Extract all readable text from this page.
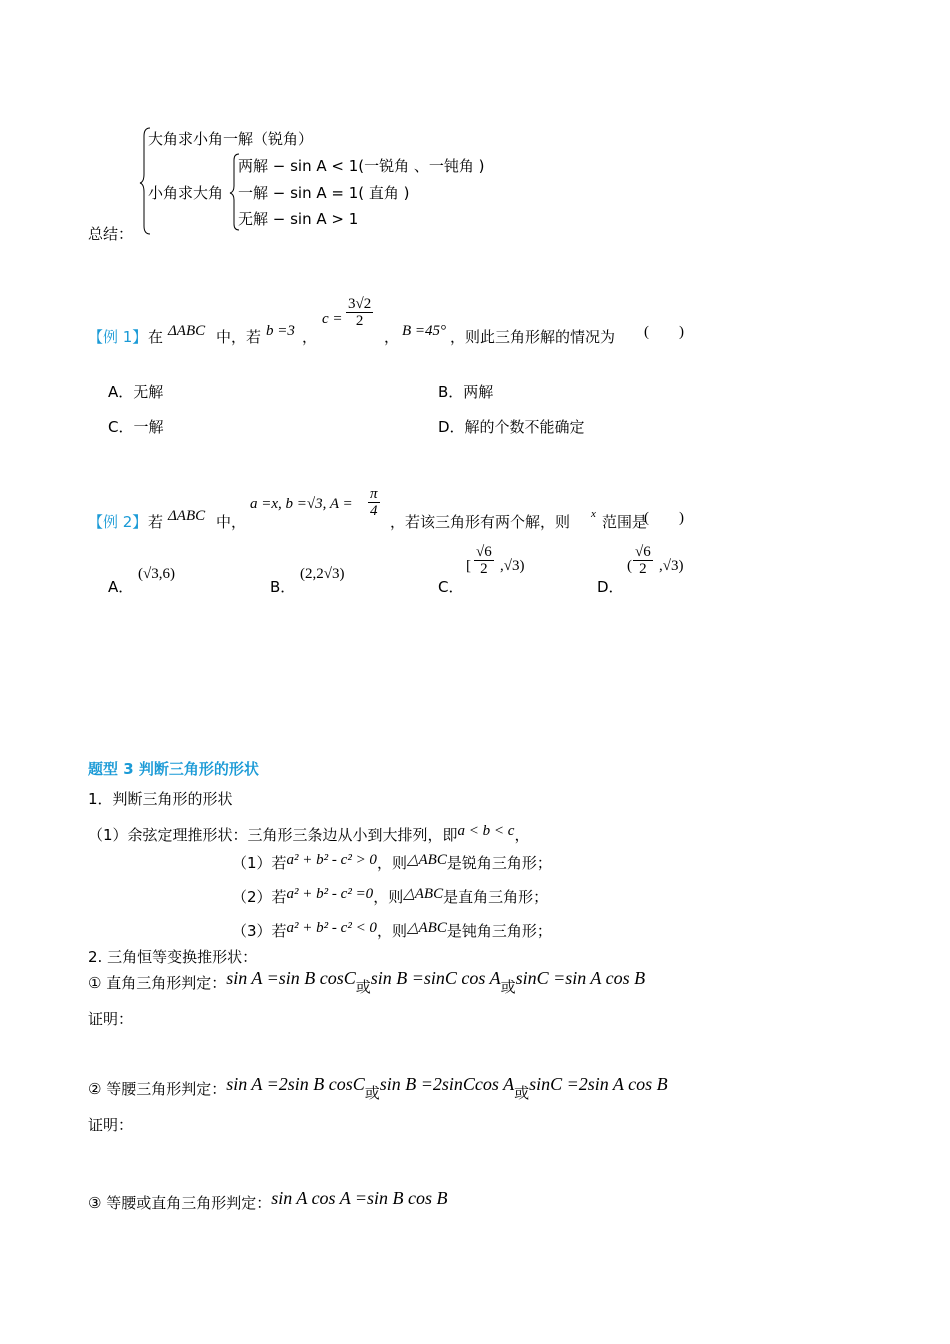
大角求小角一解（锐角）
小角求大角
两解 − sin A < 1(一锐角 、一钝角 )
一解 − sin A = 1( 直角 )
无解 − sin A > 1
总结：
【例 1】 在 ΔABC 中，若 b =3 ，
$c = \frac{3√2}{2}$
， B =45° ，则此三角形解的情况为 (　　)
A．无解	B．两解
C．一解	D．解的个数不能确定
【例 2】 若 ΔABC 中，
a =x, b =√3, $A = \frac{\pi}{4}$
，若该三角形有两个解，则 x 范围是
(　　)
A．
(√3,6)
B．
(2,2√3)
C．
[ $\frac{√6}{2} ,√3$)
D．
( $\frac{√6}{2} ,√3$)
题型 3 判断三角形的形状
1．判断三角形的形状
（1）余弦定理推形状：三角形三条边从小到大排列，即a < b < c，
（1）若a² + b² - c² > 0，则△ABC是锐角三角形；
（2）若a² + b² - c² =0，则△ABC是直角三角形；
（3）若a² + b² - c² < 0，则△ABC是钝角三角形；
2. 三角恒等变换推形状：
① 直角三角形判定：sin A =sin B cosC或sin B =sinC cos A或sinC =sin A cos B
证明：
② 等腰三角形判定：sin A =2sin B cosC或sin B =2sinCcos A或sinC =2sin A cos B
证明：
③ 等腰或直角三角形判定：sin A cos A =sin B cos B
